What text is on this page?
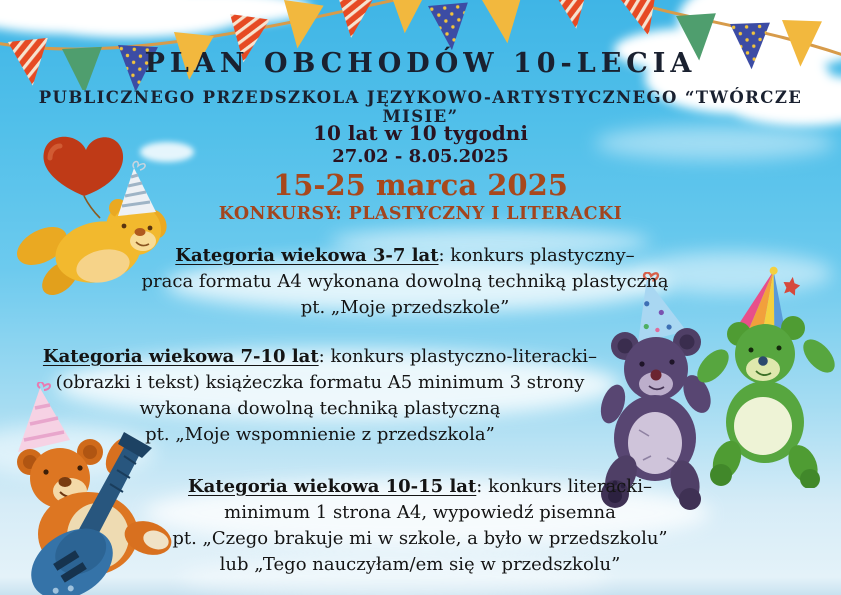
PLAN OBCHODÓW 10-LECIA
PUBLICZNEGO PRZEDSZKOLA JĘZYKOWO-ARTYSTYCZNEGO “TWÓRCZE MISIE”
10 lat w 10 tygodni
27.02 - 8.05.2025
15-25 marca 2025
KONKURSY: PLASTYCZNY I LITERACKI
Kategoria wiekowa 3-7 lat: konkurs plastyczny–
praca formatu A4 wykonana dowolną techniką plastyczną
pt. „Moje przedszkole”
Kategoria wiekowa 7-10 lat: konkurs plastyczno-literacki–
(obrazki i tekst) książeczka formatu A5 minimum 3 strony
wykonana dowolną techniką plastyczną
pt. „Moje wspomnienie z przedszkola”
Kategoria wiekowa 10-15 lat: konkurs literacki–
minimum 1 strona A4, wypowiedź pisemna
pt. „Czego brakuje mi w szkole, a było w przedszkolu”
lub „Tego nauczyłam/em się w przedszkolu”
